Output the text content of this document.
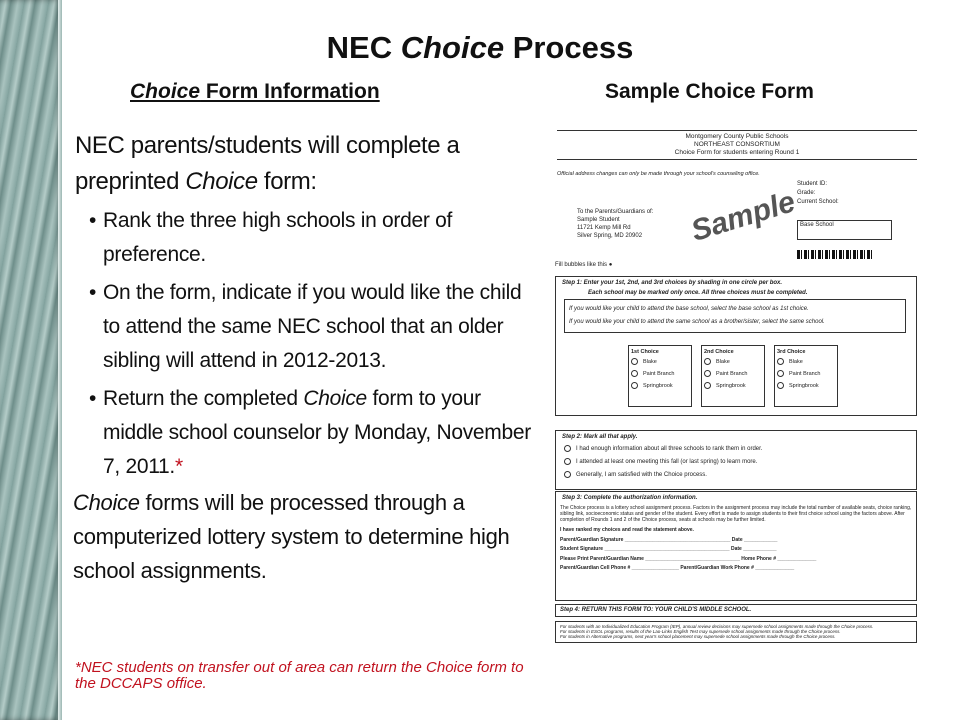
NEC Choice Process
Choice Form Information	Sample Choice Form
NEC parents/students will complete a preprinted Choice form:
• Rank the three high schools in order of preference.
• On the form, indicate if you would like the child to attend the same NEC school that an older sibling will attend in 2012-2013.
• Return the completed Choice form to your middle school counselor by Monday, November 7, 2011.*
Choice forms will be processed through a computerized lottery system to determine high school assignments.
*NEC students on transfer out of area can return the Choice form to the DCCAPS office.
Montgomery County Public Schools
NORTHEAST CONSORTIUM
Choice Form for students entering Round 1
Official address changes can only be made through your school's counseling office.
Student ID:
Grade:
Current School:
To the Parents/Guardians of:
Sample Student
11721 Kemp Mill Rd
Silver Spring, MD 20902	Sample Base School
Fill bubbles like this ●
Step 1: Enter your 1st, 2nd, and 3rd choices by shading in one circle per box.
Each school may be marked only once. All three choices must be completed.
If you would like your child to attend the base school, select the base school as 1st choice.
If you would like your child to attend the same school as a brother/sister, select the same school.
1st Choice
Blake
Paint Branch
Springbrook
2nd Choice
Blake
Paint Branch
Springbrook
3rd Choice
Blake
Paint Branch
Springbrook
Step 2: Mark all that apply.
I had enough information about all three schools to rank them in order.
I attended at least one meeting this fall (or last spring) to learn more.
Generally, I am satisfied with the Choice process.
Step 3: Complete the authorization information.
The Choice process is a lottery school assignment process. Factors in the assignment process may include the total number of available seats, choice ranking, sibling link, socioeconomic status and gender of the student. Every effort is made to assign students to their first choice school using the factors above. After completion of Rounds 1 and 2 of the Choice process, seats at schools may be further limited.
I have ranked my choices and read the statement above.
Parent/Guardian Signature ______________________________________ Date ____________
Student Signature _____________________________________________ Date ____________
Please Print Parent/Guardian Name __________________________________ Home Phone # ______________
Parent/Guardian Cell Phone # _________________ Parent/Guardian Work Phone # ______________
Step 4: RETURN THIS FORM TO: YOUR CHILD'S MIDDLE SCHOOL.
For students with an Individualized Education Program (IEP), annual review decisions may supersede school assignments made through the Choice process.
For students in ESOL programs, results of the Lao-Links English Test may supersede school assignments made through the Choice process.
For students in Alternative programs, next year's school placement may supersede school assignments made through the Choice process.
